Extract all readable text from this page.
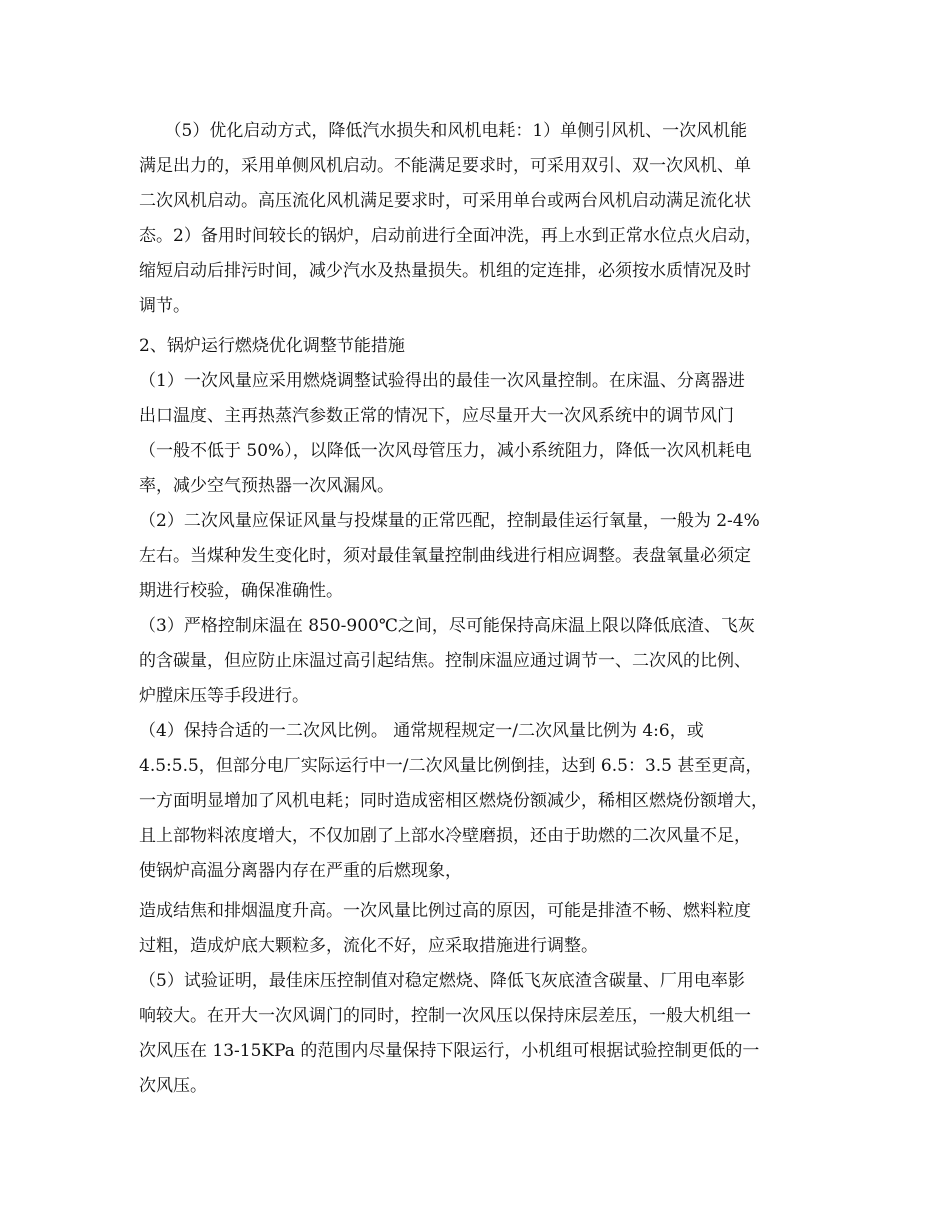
　　（5）优化启动方式，降低汽水损失和风机电耗：1）单侧引风机、一次风机能
满足出力的，采用单侧风机启动。不能满足要求时，可采用双引、双一次风机、单
二次风机启动。高压流化风机满足要求时，可采用单台或两台风机启动满足流化状
态。2）备用时间较长的锅炉，启动前进行全面冲洗，再上水到正常水位点火启动，
缩短启动后排污时间，减少汽水及热量损失。机组的定连排，必须按水质情况及时
调节。
2、锅炉运行燃烧优化调整节能措施
（1）一次风量应采用燃烧调整试验得出的最佳一次风量控制。在床温、分离器进
出口温度、主再热蒸汽参数正常的情况下，应尽量开大一次风系统中的调节风门
（一般不低于 50%），以降低一次风母管压力，减小系统阻力，降低一次风机耗电
率，减少空气预热器一次风漏风。
（2）二次风量应保证风量与投煤量的正常匹配，控制最佳运行氧量，一般为 2-4%
左右。当煤种发生变化时，须对最佳氧量控制曲线进行相应调整。表盘氧量必须定
期进行校验，确保准确性。
（3）严格控制床温在 850-900℃之间，尽可能保持高床温上限以降低底渣、飞灰
的含碳量，但应防止床温过高引起结焦。控制床温应通过调节一、二次风的比例、
炉膛床压等手段进行。
（4）保持合适的一二次风比例。 通常规程规定一/二次风量比例为 4:6，或
4.5:5.5，但部分电厂实际运行中一/二次风量比例倒挂，达到 6.5：3.5 甚至更高，
一方面明显增加了风机电耗；同时造成密相区燃烧份额减少，稀相区燃烧份额增大，
且上部物料浓度增大，不仅加剧了上部水冷壁磨损，还由于助燃的二次风量不足，
使锅炉高温分离器内存在严重的后燃现象，
造成结焦和排烟温度升高。一次风量比例过高的原因，可能是排渣不畅、燃料粒度
过粗，造成炉底大颗粒多，流化不好，应采取措施进行调整。
（5）试验证明，最佳床压控制值对稳定燃烧、降低飞灰底渣含碳量、厂用电率影
响较大。在开大一次风调门的同时，控制一次风压以保持床层差压，一般大机组一
次风压在 13-15KPa 的范围内尽量保持下限运行，小机组可根据试验控制更低的一
次风压。
